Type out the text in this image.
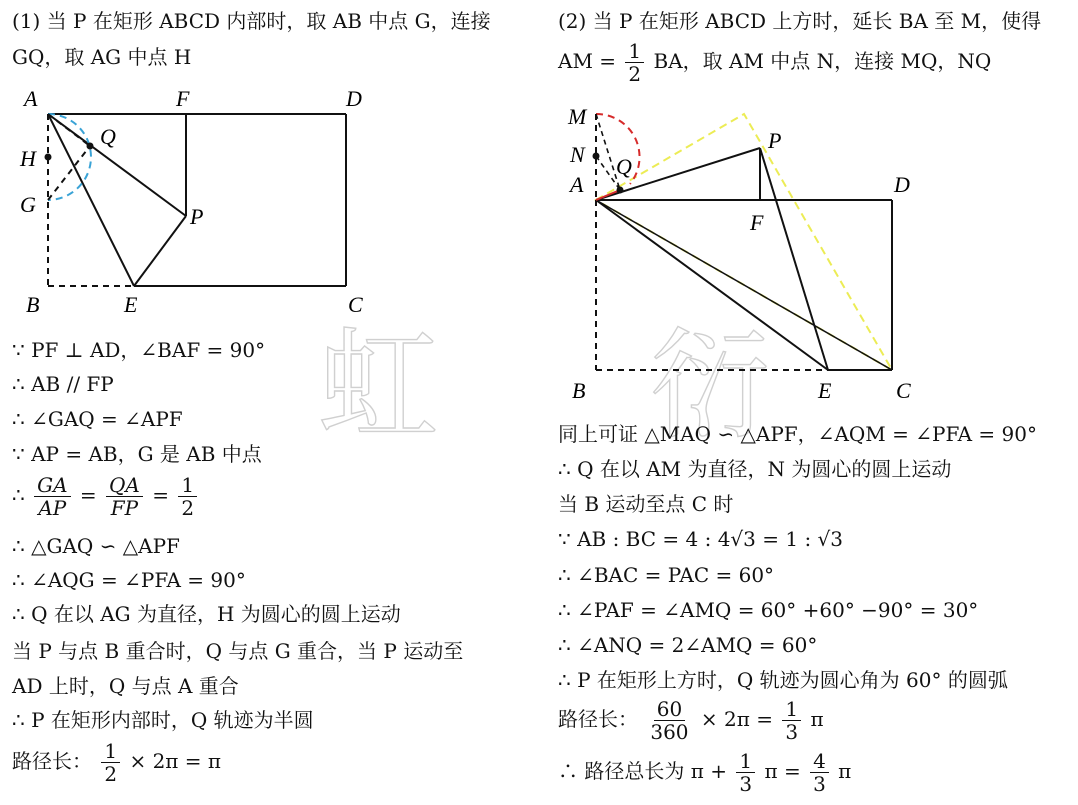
虹 衍
(1) 当 P 在矩形 ABCD 内部时，取 AB 中点 G，连接
GQ，取 AG 中点 H
A	F	D
Q
H
G	P
B	E	C
∵ PF ⊥ AD，∠BAF = 90°
∴ AB // FP
∴ ∠GAQ = ∠APF
∵ AP = AB，G 是 AB 中点
∴ $\frac{GA}{AP} = \frac{QA}{FP} = \frac{1}{2}$
∴ △GAQ ∽ △APF
∴ ∠AQG = ∠PFA = 90°
∴ Q 在以 AG 为直径，H 为圆心的圆上运动
当 P 与点 B 重合时，Q 与点 G 重合，当 P 运动至
AD 上时，Q 与点 A 重合
∴ P 在矩形内部时，Q 轨迹为半圆
路径长： $\frac{1}{2} \times 2\pi = \pi$
(2) 当 P 在矩形 ABCD 上方时，延长 BA 至 M，使得
AM = $\frac{1}{2}$ BA，取 AM 中点 N，连接 MQ，NQ
M
N Q
A
P
D
F
B	E	C
同上可证 △MAQ ∽ △APF，∠AQM = ∠PFA = 90°
∴ Q 在以 AM 为直径，N 为圆心的圆上运动
当 B 运动至点 C 时
∵ AB : BC = 4 : 4√3 = 1 : √3
∴ ∠BAC = PAC = 60°
∴ ∠PAF = ∠AMQ = 60° +60° −90° = 30°
∴ ∠ANQ = 2∠AMQ = 60°
∴ P 在矩形上方时，Q 轨迹为圆心角为 60° 的圆弧
路径长： $\frac{60}{360} \times 2\pi = \frac{1}{3}$ π
∴ 路径总长为 $\pi + \frac{1}{3}$ $\pi = \frac{4}{3}$ π
